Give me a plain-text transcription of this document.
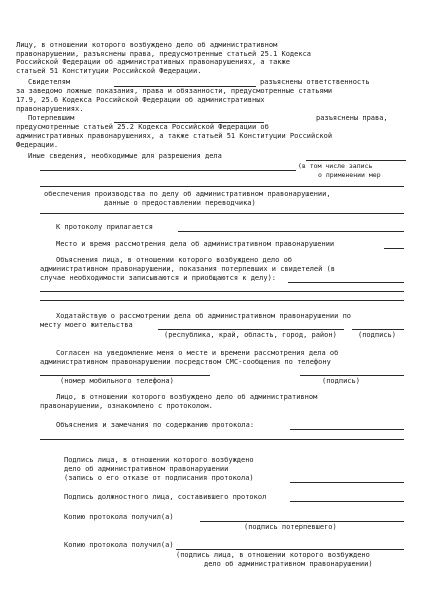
Лицу, в отношении которого возбуждено дело об административном
правонарушении, разъяснены права, предусмотренные статьей 25.1 Кодекса
Российской Федерации об административных правонарушениях, а также
статьей 51 Конституции Российской Федерации.
Свидетелям	разъяснены ответственность
за заведомо ложные показания, права и обязанности, предусмотренные статьями
17.9, 25.6 Кодекса Российской Федерации об административных
правонарушениях.
Потерпевшим	разъяснены права,
предусмотренные статьей 25.2 Кодекса Российской Федерации об
административных правонарушениях, а также статьей 51 Конституции Российской
Федерации.
Иные сведения, необходимые для разрешения дела
(в том числе запись
о применении мер
обеспечения производства по делу об административном правонарушении,
данные о предоставлении переводчика)
К протоколу прилагается
Место и время рассмотрения дела об административном правонарушении
Объяснения лица, в отношении которого возбуждено дело об
административном правонарушении, показания потерпевших и свидетелей (в
случае необходимости записываются и приобщаются к делу):
Ходатайствую о рассмотрении дела об административном правонарушении по
месту моего жительства
(республика, край, область, город, район)	(подпись)
Согласен на уведомление меня о месте и времени рассмотрения дела об
административном правонарушении посредством СМС-сообщения по телефону
(номер мобильного телефона)	(подпись)
Лицо, в отношении которого возбуждено дело об административном
правонарушении, ознакомлено с протоколом.
Объяснения и замечания по содержанию протокола:
Подпись лица, в отношении которого возбуждено
дело об административном правонарушении
(запись о его отказе от подписания протокола)
Подпись должностного лица, составившего протокол
Копию протокола получил(а)
(подпись потерпевшего)
Копию протокола получил(а)
(подпись лица, в отношении которого возбуждено
дело об административном правонарушении)
